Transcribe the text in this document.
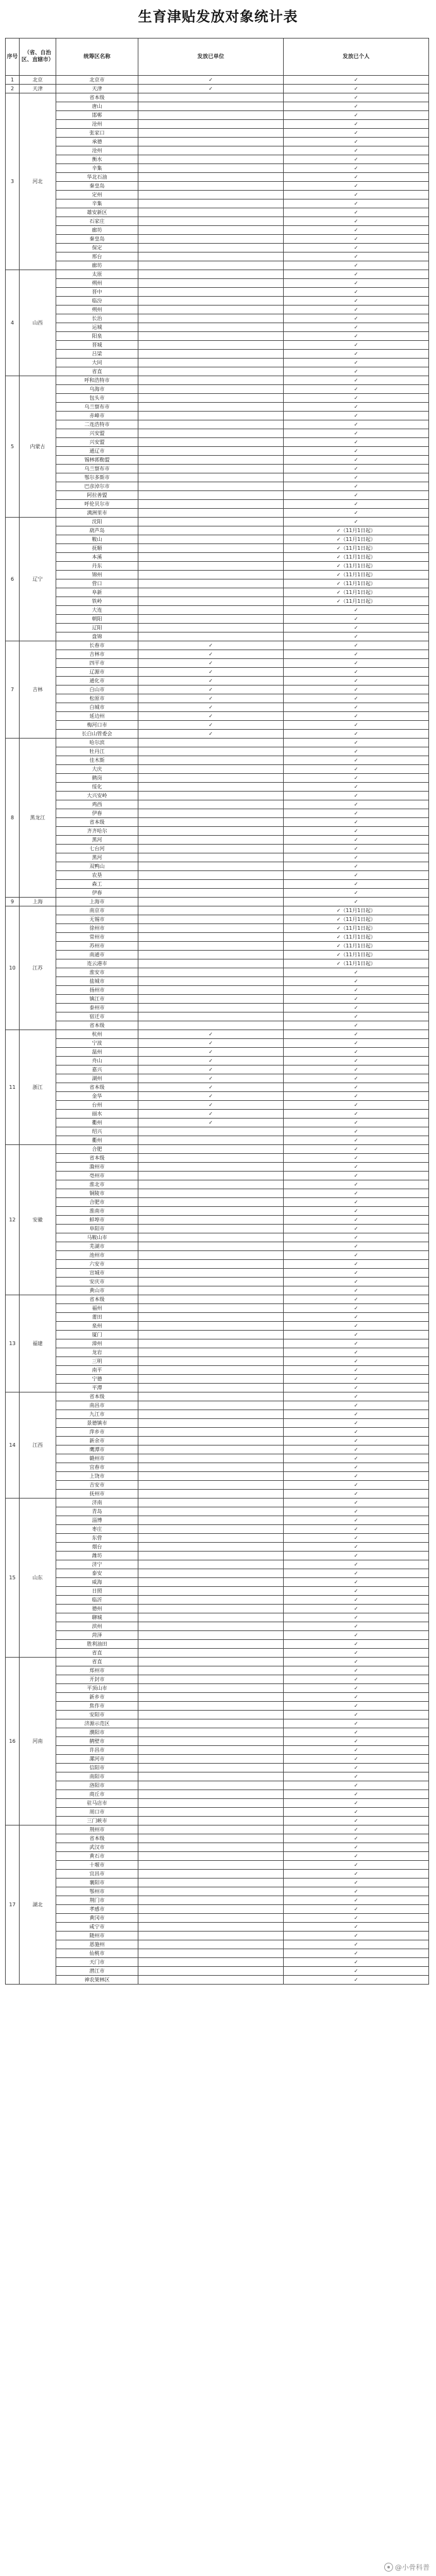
生育津贴发放对象统计表
序号	（省、自治区、直辖市）	统筹区名称	发放已单位	发放已个人
1	北京	北京市	✓	✓
2	天津	天津	✓	✓
3	河北	省本级		✓
		唐山		✓
		邯郸		✓
		沧州		✓
		张家口		✓
		承德		✓
		沧州		✓
		衡水		✓
		辛集		✓
		华北石油		✓
		秦皇岛		✓
		定州		✓
		辛集		✓
		雄安新区		✓
		石家庄		✓
		廊坊		✓
		秦皇岛		✓
		保定		✓
		邢台		✓
		廊坊		✓
4	山西	太原		✓
		朔州		✓
		晋中		✓
		临汾		✓
		朔州		✓
		长治		✓
		运城		✓
		阳泉		✓
		晋城		✓
		吕梁		✓
		大同		✓
		省直		✓
5	内蒙古	呼和浩特市		✓
		乌海市		✓
		包头市		✓
		乌兰察布市		✓
		赤峰市		✓
		二连浩特市		✓
		兴安盟		✓
		兴安盟		✓
		通辽市		✓
		锡林郭勒盟		✓
		乌兰察布市		✓
		鄂尔多斯市		✓
		巴彦淖尔市		✓
		阿拉善盟		✓
		呼伦贝尔市		✓
		满洲里市		✓
6	辽宁	沈阳		✓
		葫芦岛		✓（11月1日起）
		鞍山		✓（11月1日起）
		抚顺		✓（11月1日起）
		本溪		✓（11月1日起）
		丹东		✓（11月1日起）
		锦州		✓（11月1日起）
		营口		✓（11月1日起）
		阜新		✓（11月1日起）
		铁岭		✓（11月1日起）
		大连		✓
		朝阳		✓
		辽阳		✓
		盘锦		✓
7	吉林	长春市	✓	✓
		吉林市	✓	✓
		四平市	✓	✓
		辽源市	✓	✓
		通化市	✓	✓
		白山市	✓	✓
		松原市	✓	✓
		白城市	✓	✓
		延边州	✓	✓
		梅河口市	✓	✓
		长白山管委会	✓	✓
8	黑龙江	哈尔滨		✓
		牡丹江		✓
		佳木斯		✓
		大庆		✓
		鹤岗		✓
		绥化		✓
		大兴安岭		✓
		鸡西		✓
		伊春		✓
		省本级		✓
		齐齐哈尔		✓
		黑河		✓
		七台河		✓
		黑河		✓
		双鸭山		✓
		农垦		✓
		森工		✓
		伊春		✓
9	上海	上海市		✓
10	江苏	南京市		✓（11月1日起）
		无锡市		✓（11月1日起）
		徐州市		✓（11月1日起）
		常州市		✓（11月1日起）
		苏州市		✓（11月1日起）
		南通市		✓（11月1日起）
		连云港市		✓（11月1日起）
		淮安市		✓
		盐城市		✓
		扬州市		✓
		镇江市		✓
		泰州市		✓
		宿迁市		✓
		省本级		✓
11	浙江	杭州	✓	✓
		宁波	✓	✓
		温州	✓	✓
		舟山	✓	✓
		嘉兴	✓	✓
		湖州	✓	✓
		省本级	✓	✓
		金华	✓	✓
		台州	✓	✓
		丽水	✓	✓
		衢州	✓	✓
		绍兴		✓
		衢州		✓
12	安徽	合肥		✓
		省本级		✓
		滁州市		✓
		亳州市		✓
		淮北市		✓
		铜陵市		✓
		合肥市		✓
		淮南市		✓
		蚌埠市		✓
		阜阳市		✓
		马鞍山市		✓
		芜湖市		✓
		池州市		✓
		六安市		✓
		宣城市		✓
		安庆市		✓
		黄山市		✓
13	福建	省本级		✓
		福州		✓
		莆田		✓
		泉州		✓
		厦门		✓
		漳州		✓
		龙岩		✓
		三明		✓
		南平		✓
		宁德		✓
		平潭		✓
14	江西	省本级		✓
		南昌市		✓
		九江市		✓
		景德镇市		✓
		萍乡市		✓
		新余市		✓
		鹰潭市		✓
		赣州市		✓
		宜春市		✓
		上饶市		✓
		吉安市		✓
		抚州市		✓
15	山东	济南		✓
		青岛		✓
		淄博		✓
		枣庄		✓
		东营		✓
		烟台		✓
		潍坊		✓
		济宁		✓
		泰安		✓
		威海		✓
		日照		✓
		临沂		✓
		德州		✓
		聊城		✓
		滨州		✓
		菏泽		✓
		胜利油田		✓
		省直		✓
16	河南	省直		✓
		郑州市		✓
		开封市		✓
		平顶山市		✓
		新乡市		✓
		焦作市		✓
		安阳市		✓
		济源示范区		✓
		濮阳市		✓
		鹤壁市		✓
		许昌市		✓
		漯河市		✓
		信阳市		✓
		南阳市		✓
		洛阳市		✓
		商丘市		✓
		驻马店市		✓
		周口市		✓
		三门峡市		✓
17	湖北	荆州市		✓
		省本级		✓
		武汉市		✓
		黄石市		✓
		十堰市		✓
		宜昌市		✓
		襄阳市		✓
		鄂州市		✓
		荆门市		✓
		孝感市		✓
		黄冈市		✓
		咸宁市		✓
		随州市		✓
		恩施州		✓
		仙桃市		✓
		天门市		✓
		潜江市		✓
		神农架林区		✓
@小骨科普
